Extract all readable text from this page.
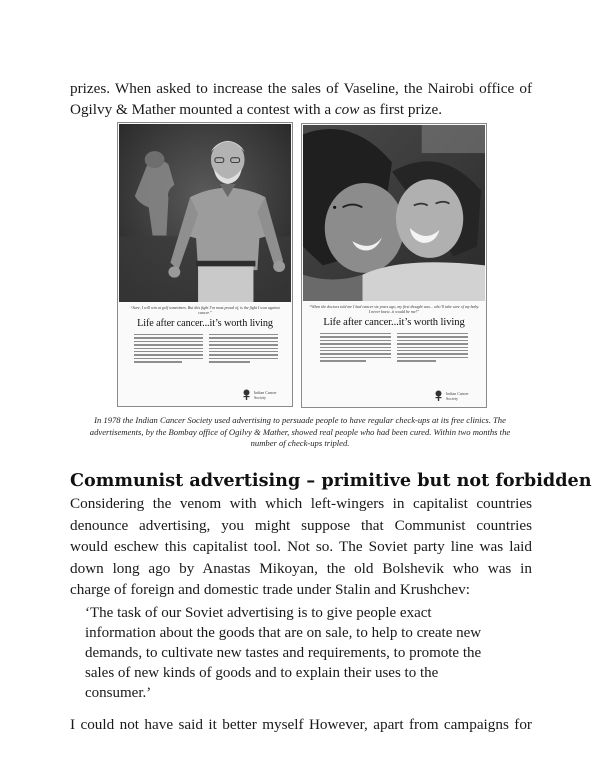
prizes. When asked to increase the sales of Vaseline, the Nairobi office of
Ogilvy & Mather mounted a contest with a cow as first prize.
“Sure, I will win at golf sometimes. But this fight I’m most proud of, is the fight I won against cancer.”
Life after cancer...it’s worth living
Indian Cancer Society
“When the doctors told me I had cancer six years ago, my first thought was... who’ll take care of my baby. I never knew...it would be me!”
Life after cancer...it’s worth living
Indian Cancer Society
In 1978 the Indian Cancer Society used advertising to persuade people to have regular check-ups at its free clinics. The
advertisements, by the Bombay office of Ogilvy & Mather, showed real people who had been cured. Within two months the
number of check-ups tripled.
Communist advertising – primitive but not forbidden
Considering the venom with which left-wingers in capitalist countries
denounce advertising, you might suppose that Communist countries
would eschew this capitalist tool. Not so. The Soviet party line was laid
down long ago by Anastas Mikoyan, the old Bolshevik who was in
charge of foreign and domestic trade under Stalin and Krushchev:
‘The task of our Soviet advertising is to give people exact
information about the goods that are on sale, to help to create new
demands, to cultivate new tastes and requirements, to promote the
sales of new kinds of goods and to explain their uses to the
consumer.’
I could not have said it better myself However, apart from campaigns for
